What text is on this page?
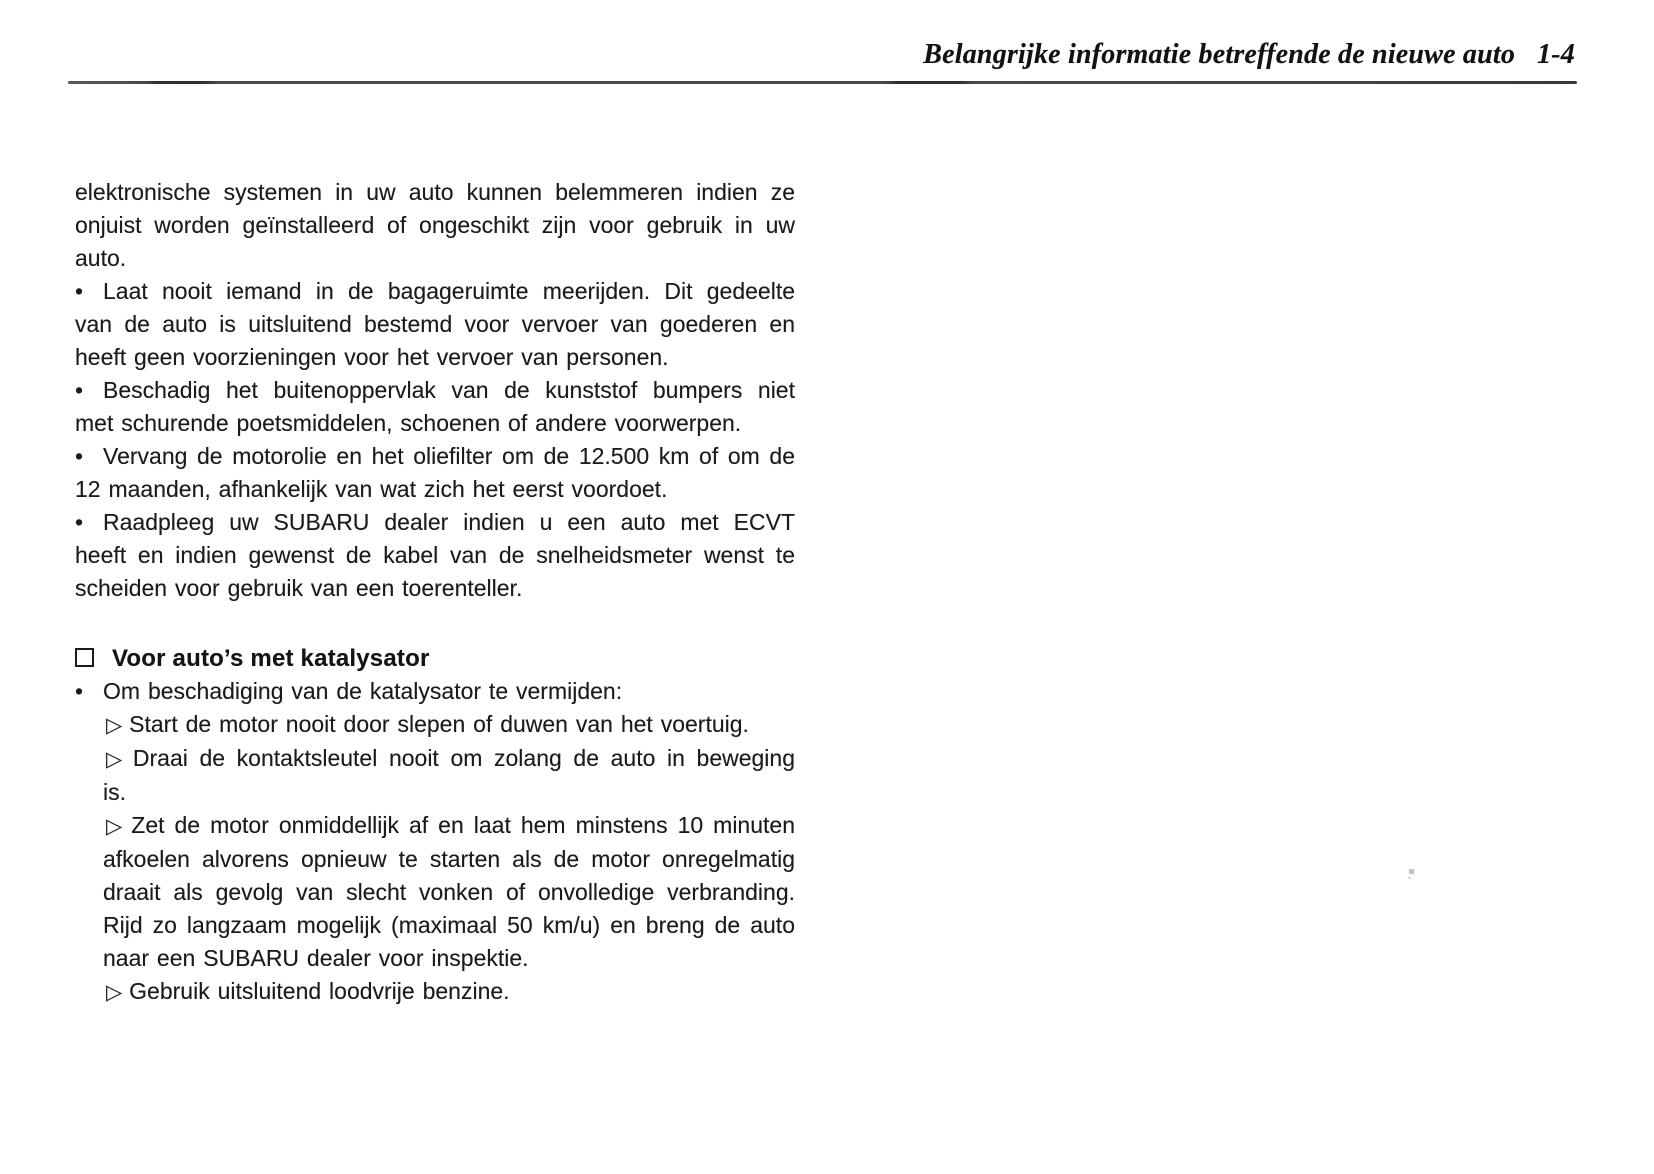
Belangrijke informatie betreffende de nieuwe auto 1-4
elektronische systemen in uw auto kunnen belemmeren indien ze
onjuist worden geïnstalleerd of ongeschikt zijn voor gebruik in uw
auto.
• Laat nooit iemand in de bagageruimte meerijden. Dit gedeelte
van de auto is uitsluitend bestemd voor vervoer van goederen en
heeft geen voorzieningen voor het vervoer van personen.
• Beschadig het buitenoppervlak van de kunststof bumpers niet
met schurende poetsmiddelen, schoenen of andere voorwerpen.
• Vervang de motorolie en het oliefilter om de 12.500 km of om de
12 maanden, afhankelijk van wat zich het eerst voordoet.
• Raadpleeg uw SUBARU dealer indien u een auto met ECVT
heeft en indien gewenst de kabel van de snelheidsmeter wenst te
scheiden voor gebruik van een toerenteller.
Voor auto’s met katalysator
• Om beschadiging van de katalysator te vermijden:
▷ Start de motor nooit door slepen of duwen van het voertuig.
▷ Draai de kontaktsleutel nooit om zolang de auto in beweging
is.
▷ Zet de motor onmiddellijk af en laat hem minstens 10 minuten
afkoelen alvorens opnieuw te starten als de motor onregelmatig
draait als gevolg van slecht vonken of onvolledige verbranding.
Rijd zo langzaam mogelijk (maximaal 50 km/u) en breng de auto
naar een SUBARU dealer voor inspektie.
▷ Gebruik uitsluitend loodvrije benzine.
